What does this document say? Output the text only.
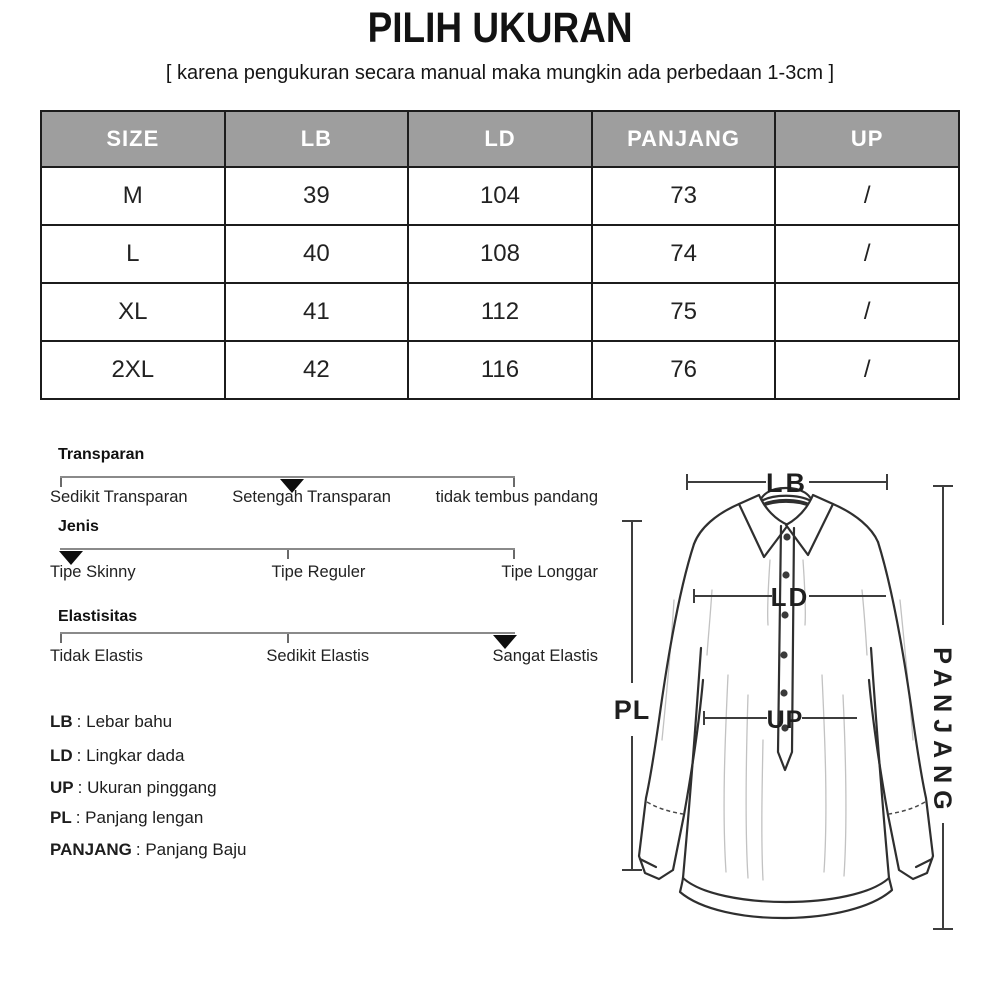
PILIH UKURAN
[ karena pengukuran secara manual maka mungkin ada perbedaan 1-3cm ]
SIZE	LB	LD	PANJANG	UP
M	39	104	73	/
L	40	108	74	/
XL	41	112	75	/
2XL	42	116	76	/
Transparan
Sedikit Transparan	Setengah Transparan	tidak tembus pandang
Jenis
Tipe Skinny	Tipe Reguler	Tipe Longgar
Elastisitas
Tidak Elastis	Sedikit Elastis	Sangat Elastis
LB : Lebar bahu
LD : Lingkar dada
UP : Ukuran pinggang
PL : Panjang lengan
PANJANG : Panjang Baju
LB
LD
UP
PL	PANJANG
